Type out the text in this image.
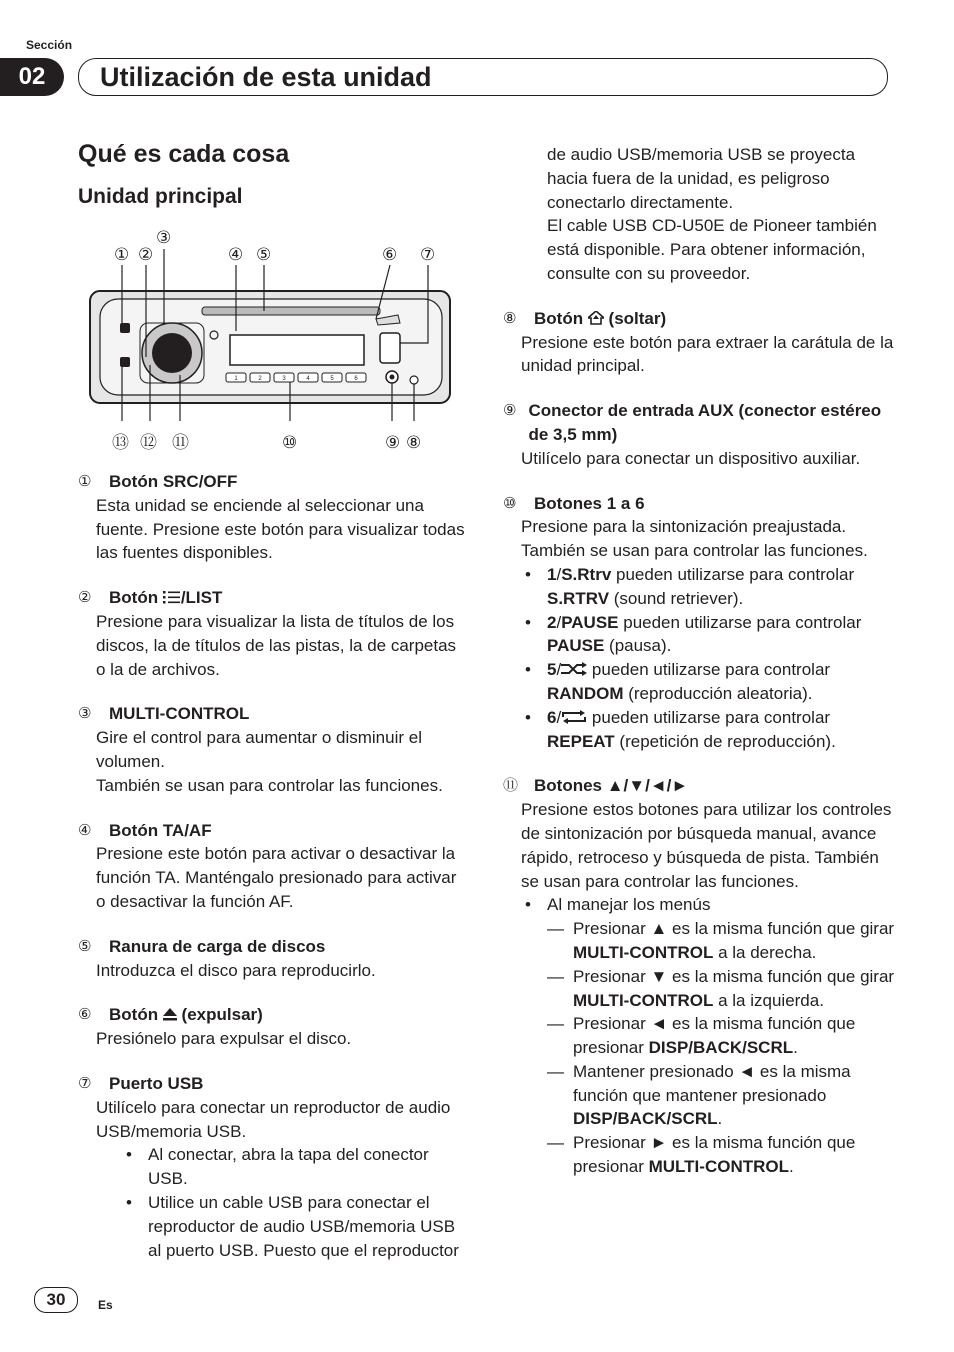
Sección
02	Utilización de esta unidad
Qué es cada cosa
Unidad principal
① ②
③
④ ⑤	⑥ ⑦
⑬ ⑫ ⑪	⑩	⑨ ⑧
1	2	3	4	5	6
①	Botón SRC/OFF
Esta unidad se enciende al seleccionar una fuente. Presione este botón para visualizar todas las fuentes disponibles.
②	Botón /LIST
Presione para visualizar la lista de títulos de los discos, la de títulos de las pistas, la de carpetas o la de archivos.
③	MULTI-CONTROL
Gire el control para aumentar o disminuir el volumen.
También se usan para controlar las funciones.
④	Botón TA/AF
Presione este botón para activar o desactivar la función TA. Manténgalo presionado para activar o desactivar la función AF.
⑤	Ranura de carga de discos
Introduzca el disco para reproducirlo.
⑥	Botón  (expulsar)
Presiónelo para expulsar el disco.
⑦	Puerto USB
Utilícelo para conectar un reproductor de audio USB/memoria USB.
• Al conectar, abra la tapa del conector USB.
• Utilice un cable USB para conectar el reproductor de audio USB/memoria USB al puerto USB. Puesto que el reproductor
de audio USB/memoria USB se proyecta hacia fuera de la unidad, es peligroso conectarlo directamente.
El cable USB CD-U50E de Pioneer también está disponible. Para obtener información, consulte con su proveedor.
⑧	Botón  (soltar)
Presione este botón para extraer la carátula de la unidad principal.
⑨ Conector de entrada AUX (conector estéreo de 3,5 mm)
Utilícelo para conectar un dispositivo auxiliar.
⑩	Botones 1 a 6
Presione para la sintonización preajustada.
También se usan para controlar las funciones.
• 1/S.Rtrv pueden utilizarse para controlar S.RTRV (sound retriever).
• 2/PAUSE pueden utilizarse para controlar PAUSE (pausa).
• 5/ pueden utilizarse para controlar RANDOM (reproducción aleatoria).
• 6/ pueden utilizarse para controlar REPEAT (repetición de reproducción).
⑪ Botones ▲/▼/◄/►
Presione estos botones para utilizar los controles de sintonización por búsqueda manual, avance rápido, retroceso y búsqueda de pista. También se usan para controlar las funciones.
• Al manejar los menús
— Presionar ▲ es la misma función que girar MULTI-CONTROL a la derecha.
— Presionar ▼ es la misma función que girar MULTI-CONTROL a la izquierda.
— Presionar ◄ es la misma función que presionar DISP/BACK/SCRL.
— Mantener presionado ◄ es la misma función que mantener presionado DISP/BACK/SCRL.
— Presionar ► es la misma función que presionar MULTI-CONTROL.
30	Es
